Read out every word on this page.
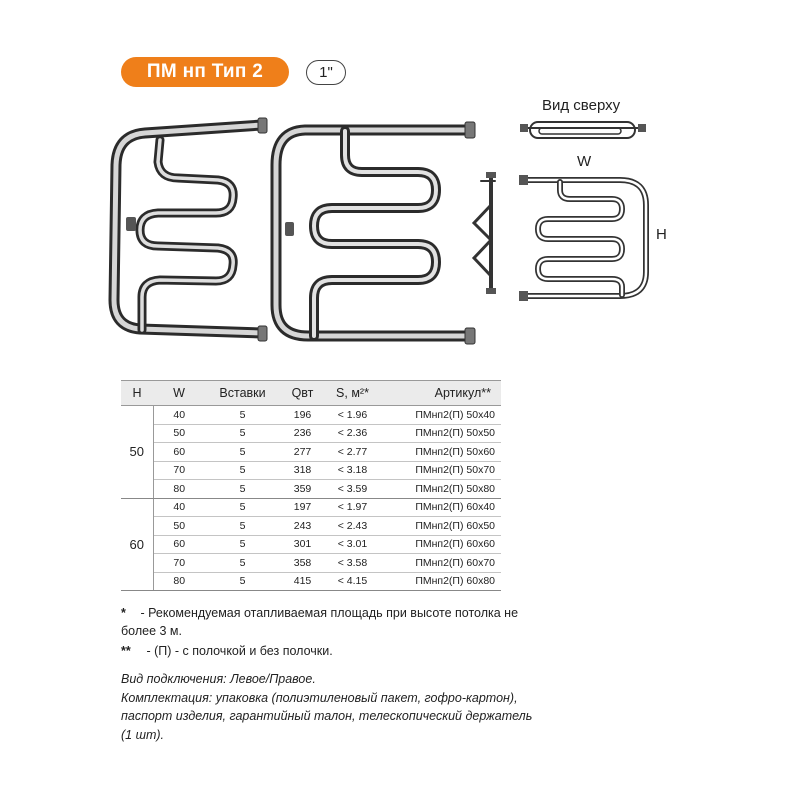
ПМ нп Тип 2	1"
Вид сверху
W
H
H	W	Вставки	Qвт	S, м²*	Артикул**
50	40	5	196	< 1.96	ПМнп2(П) 50х40
	50	5	236	< 2.36	ПМнп2(П) 50х50
	60	5	277	< 2.77	ПМнп2(П) 50х60
	70	5	318	< 3.18	ПМнп2(П) 50х70
	80	5	359	< 3.59	ПМнп2(П) 50х80
60	40	5	197	< 1.97	ПМнп2(П) 60х40
	50	5	243	< 2.43	ПМнп2(П) 60х50
	60	5	301	< 3.01	ПМнп2(П) 60х60
	70	5	358	< 3.58	ПМнп2(П) 60х70
	80	5	415	< 4.15	ПМнп2(П) 60х80

* - Рекомендуемая отапливаемая площадь при высоте потолка не более 3 м.

** - (П) - с полочкой и без полочки.

Вид подключения: Левое/Правое.

Комплектация: упаковка (полиэтиленовый пакет, гофро-картон), паспорт изделия, гарантийный талон, телескопический держатель (1 шт).
